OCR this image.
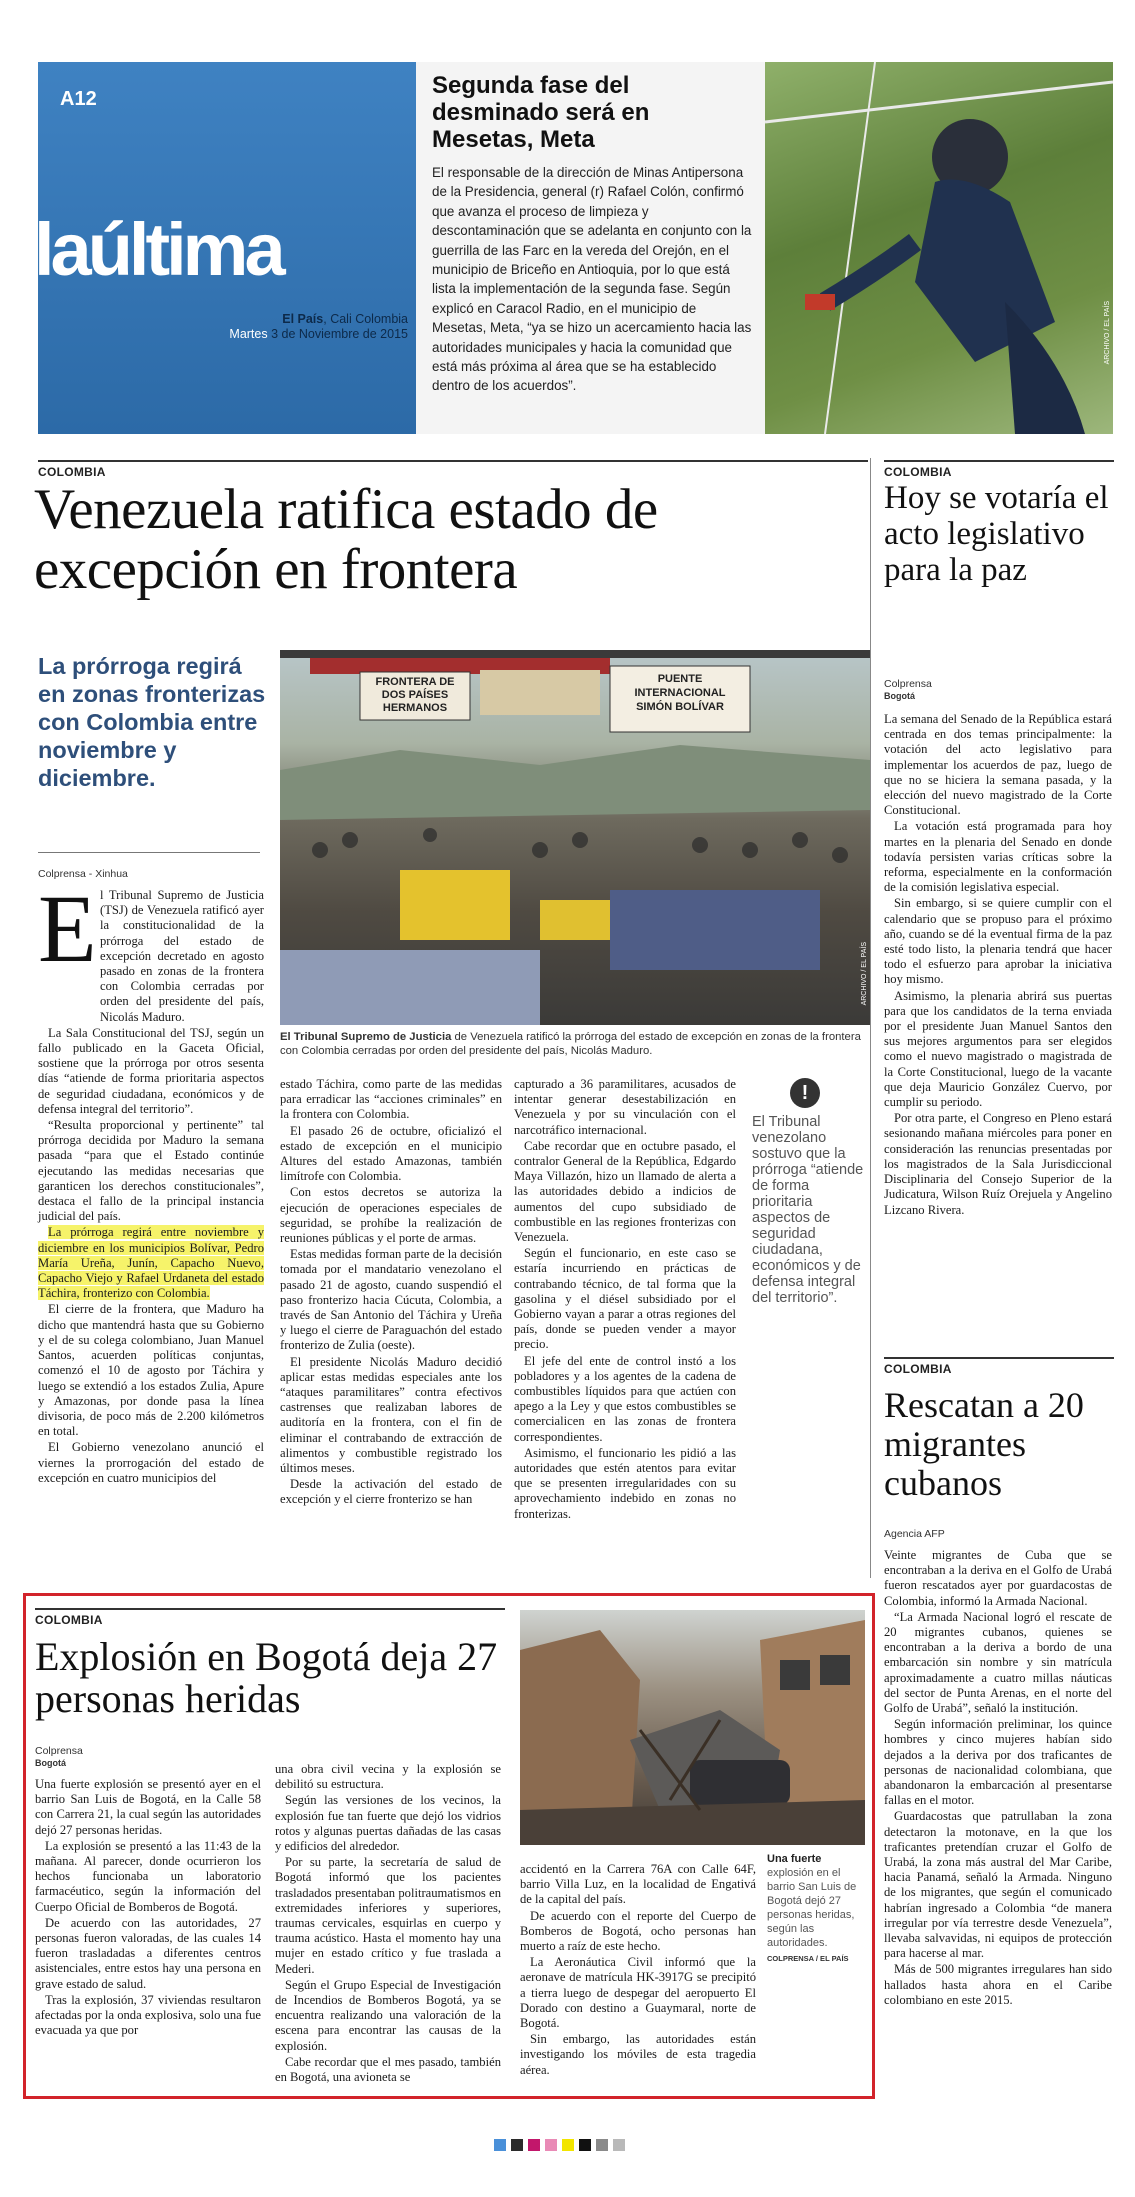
A12
laúltima
El País, Cali Colombia
Martes 3 de Noviembre de 2015
Segunda fase del desminado será en Mesetas, Meta
El responsable de la dirección de Minas Antipersona de la Presidencia, general (r) Rafael Colón, confirmó que avanza el proceso de limpieza y descontaminación que se adelanta en conjunto con la guerrilla de las Farc en la vereda del Orejón, en el municipio de Briceño en Antioquia, por lo que está lista la implementación de la segunda fase. Según explicó en Caracol Radio, en el municipio de Mesetas, Meta, “ya se hizo un acercamiento hacia las autoridades municipales y hacia la comunidad que está más próxima al área que se ha establecido dentro de los acuerdos”.
ARCHIVO / EL PAÍS
COLOMBIA
Venezuela ratifica estado de excepción en frontera
La prórroga regirá en zonas fronterizas con Colombia entre noviembre y diciembre.
Colprensa - Xinhua
FRONTERA DE DOS PAÍSES HERMANOS
PUENTE INTERNACIONAL SIMÓN BOLÍVAR
ARCHIVO / EL PAÍS
El Tribunal Supremo de Justicia de Venezuela ratificó la prórroga del estado de excepción en zonas de la frontera con Colombia cerradas por orden del presidente del país, Nicolás Maduro.
E l Tribunal Supremo de Justicia (TSJ) de Venezuela ratificó ayer la constitucionalidad de la prórroga del estado de excepción decretado en agosto pasado en zonas de la frontera con Colombia cerradas por orden del presidente del país, Nicolás Maduro.

La Sala Constitucional del TSJ, según un fallo publicado en la Gaceta Oficial, sostiene que la prórroga por otros sesenta días “atiende de forma prioritaria aspectos de seguridad ciudadana, económicos y de defensa integral del territorio”.

“Resulta proporcional y pertinente” tal prórroga decidida por Maduro la semana pasada “para que el Estado continúe ejecutando las medidas necesarias que garanticen los derechos constitucionales”, destaca el fallo de la principal instancia judicial del país.

La prórroga regirá entre noviembre y diciembre en los municipios Bolívar, Pedro María Ureña, Junín, Capacho Nuevo, Capacho Viejo y Rafael Urdaneta del estado Táchira, fronterizo con Colombia.

El cierre de la frontera, que Maduro ha dicho que mantendrá hasta que su Gobierno y el de su colega colombiano, Juan Manuel Santos, acuerden políticas conjuntas, comenzó el 10 de agosto por Táchira y luego se extendió a los estados Zulia, Apure y Amazonas, por donde pasa la línea divisoria, de poco más de 2.200 kilómetros en total.

El Gobierno venezolano anunció el viernes la prorrogación del estado de excepción en cuatro municipios del

estado Táchira, como parte de las medidas para erradicar las “acciones criminales” en la frontera con Colombia.

El pasado 26 de octubre, oficializó el estado de excepción en el municipio Altures del estado Amazonas, también limítrofe con Colombia.

Con estos decretos se autoriza la ejecución de operaciones especiales de seguridad, se prohíbe la realización de reuniones públicas y el porte de armas.

Estas medidas forman parte de la decisión tomada por el mandatario venezolano el pasado 21 de agosto, cuando suspendió el paso fronterizo hacia Cúcuta, Colombia, a través de San Antonio del Táchira y Ureña y luego el cierre de Paraguachón del estado fronterizo de Zulia (oeste).

El presidente Nicolás Maduro decidió aplicar estas medidas especiales ante los “ataques paramilitares” contra efectivos castrenses que realizaban labores de auditoría en la frontera, con el fin de eliminar el contrabando de extracción de alimentos y combustible registrado los últimos meses.

Desde la activación del estado de excepción y el cierre fronterizo se han

capturado a 36 paramilitares, acusados de intentar generar desestabilización en Venezuela y por su vinculación con el narcotráfico internacional.

Cabe recordar que en octubre pasado, el contralor General de la República, Edgardo Maya Villazón, hizo un llamado de alerta a las autoridades debido a indicios de aumentos del cupo subsidiado de combustible en las regiones fronterizas con Venezuela.

Según el funcionario, en este caso se estaría incurriendo en prácticas de contrabando técnico, de tal forma que la gasolina y el diésel subsidiado por el Gobierno vayan a parar a otras regiones del país, donde se pueden vender a mayor precio.

El jefe del ente de control instó a los pobladores y a los agentes de la cadena de combustibles líquidos para que actúen con apego a la Ley y que estos combustibles se comercialicen en las zonas de frontera correspondientes.

Asimismo, el funcionario les pidió a las autoridades que estén atentos para evitar que se presenten irregularidades con su aprovechamiento indebido en zonas no fronterizas.

!
El Tribunal venezolano sostuvo que la prórroga “atiende de forma prioritaria aspectos de seguridad ciudadana, económicos y de defensa integral del territorio”.
COLOMBIA
Hoy se votaría el acto legislativo para la paz
Colprensa
Bogotá

La semana del Senado de la República estará centrada en dos temas principalmente: la votación del acto legislativo para implementar los acuerdos de paz, luego de que no se hiciera la semana pasada, y la elección del nuevo magistrado de la Corte Constitucional.

La votación está programada para hoy martes en la plenaria del Senado en donde todavía persisten varias críticas sobre la reforma, especialmente en la conformación de la comisión legislativa especial.

Sin embargo, si se quiere cumplir con el calendario que se propuso para el próximo año, cuando se dé la eventual firma de la paz esté todo listo, la plenaria tendrá que hacer todo el esfuerzo para aprobar la iniciativa hoy mismo.

Asimismo, la plenaria abrirá sus puertas para que los candidatos de la terna enviada por el presidente Juan Manuel Santos den sus mejores argumentos para ser elegidos como el nuevo magistrado o magistrada de la Corte Constitucional, luego de la vacante que deja Mauricio González Cuervo, por cumplir su periodo.

Por otra parte, el Congreso en Pleno estará sesionando mañana miércoles para poner en consideración las renuncias presentadas por los magistrados de la Sala Jurisdiccional Disciplinaria del Consejo Superior de la Judicatura, Wilson Ruíz Orejuela y Angelino Lizcano Rivera.

COLOMBIA
Rescatan a 20 migrantes cubanos
Agencia AFP

Veinte migrantes de Cuba que se encontraban a la deriva en el Golfo de Urabá fueron rescatados ayer por guardacostas de Colombia, informó la Armada Nacional.

“La Armada Nacional logró el rescate de 20 migrantes cubanos, quienes se encontraban a la deriva a bordo de una embarcación sin nombre y sin matrícula aproximadamente a cuatro millas náuticas del sector de Punta Arenas, en el norte del Golfo de Urabá”, señaló la institución.

Según información preliminar, los quince hombres y cinco mujeres habían sido dejados a la deriva por dos traficantes de personas de nacionalidad colombiana, que abandonaron la embarcación al presentarse fallas en el motor.

Guardacostas que patrullaban la zona detectaron la motonave, en la que los traficantes pretendían cruzar el Golfo de Urabá, la zona más austral del Mar Caribe, hacia Panamá, señaló la Armada. Ninguno de los migrantes, que según el comunicado habrían ingresado a Colombia “de manera irregular por vía terrestre desde Venezuela”, llevaba salvavidas, ni equipos de protección para hacerse al mar.

Más de 500 migrantes irregulares han sido hallados hasta ahora en el Caribe colombiano en este 2015.

COLOMBIA
Explosión en Bogotá deja 27 personas heridas
Colprensa
Bogotá

Una fuerte explosión se presentó ayer en el barrio San Luis de Bogotá, en la Calle 58 con Carrera 21, la cual según las autoridades dejó 27 personas heridas.

La explosión se presentó a las 11:43 de la mañana. Al parecer, donde ocurrieron los hechos funcionaba un laboratorio farmacéutico, según la información del Cuerpo Oficial de Bomberos de Bogotá.

De acuerdo con las autoridades, 27 personas fueron valoradas, de las cuales 14 fueron trasladadas a diferentes centros asistenciales, entre estos hay una persona en grave estado de salud.

Tras la explosión, 37 viviendas resultaron afectadas por la onda explosiva, solo una fue evacuada ya que por

una obra civil vecina y la explosión se debilitó su estructura.

Según las versiones de los vecinos, la explosión fue tan fuerte que dejó los vidrios rotos y algunas puertas dañadas de las casas y edificios del alrededor.

Por su parte, la secretaría de salud de Bogotá informó que los pacientes trasladados presentaban politraumatismos en extremidades inferiores y superiores, traumas cervicales, esquirlas en cuerpo y trauma acústico. Hasta el momento hay una mujer en estado crítico y fue traslada a Mederi.

Según el Grupo Especial de Investigación de Incendios de Bomberos Bogotá, ya se encuentra realizando una valoración de la escena para encontrar las causas de la explosión.

Cabe recordar que el mes pasado, también en Bogotá, una avioneta se

accidentó en la Carrera 76A con Calle 64F, barrio Villa Luz, en la localidad de Engativá de la capital del país.

De acuerdo con el reporte del Cuerpo de Bomberos de Bogotá, ocho personas han muerto a raíz de este hecho.

La Aeronáutica Civil informó que la aeronave de matrícula HK-3917G se precipitó a tierra luego de despegar del aeropuerto El Dorado con destino a Guaymaral, norte de Bogotá.

Sin embargo, las autoridades están investigando los móviles de esta tragedia aérea.

Una fuerte explosión en el barrio San Luis de Bogotá dejó 27 personas heridas, según las autoridades.
COLPRENSA / EL PAÍS
